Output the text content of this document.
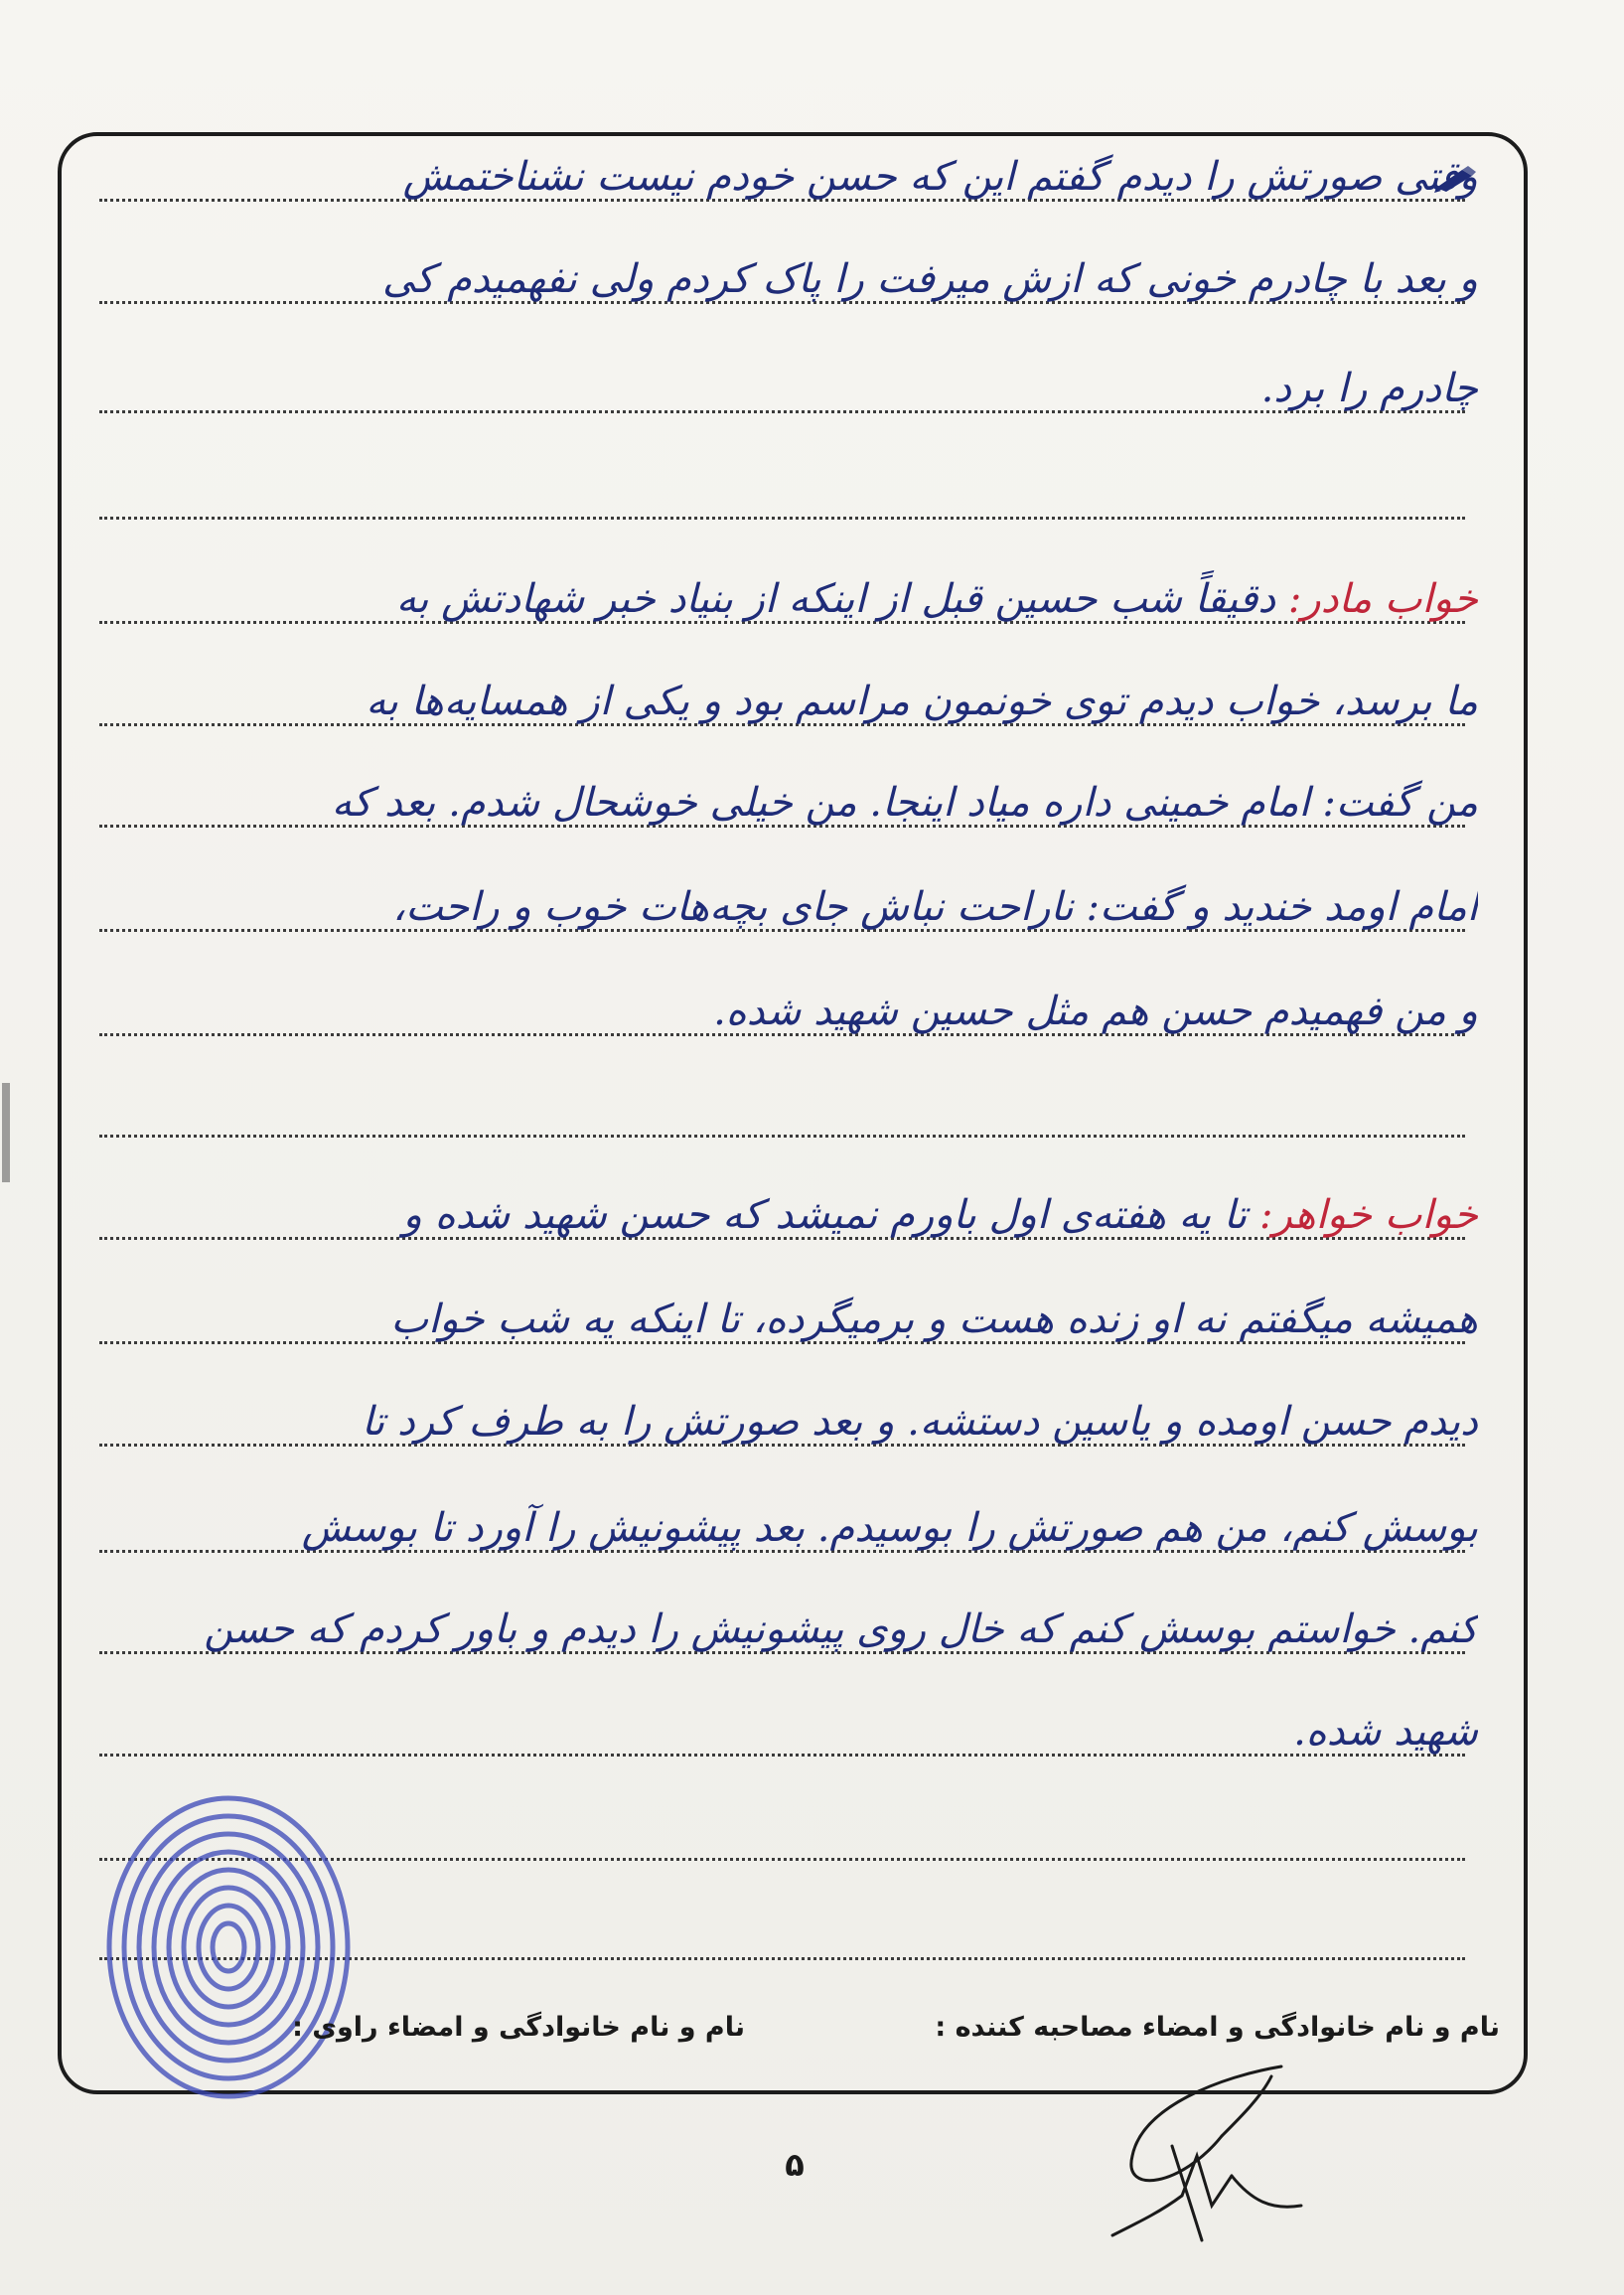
وقتی صورتش را دیدم گفتم این که حسن خودم نیست نشناختمش
و بعد با چادرم خونی که ازش میرفت را پاک کردم ولی نفهمیدم کی
چادرم را برد.
خواب مادر: دقیقاً شب حسین قبل از اینکه از بنیاد خبر شهادتش به
ما برسد، خواب دیدم توی خونمون مراسم بود و یکی از همسایه‌ها به
من گفت: امام خمینی داره میاد اینجا. من خیلی خوشحال شدم. بعد که
امام اومد خندید و گفت: ناراحت نباش جای بچه‌هات خوب و راحت،
و من فهمیدم حسن هم مثل حسین شهید شده.
خواب خواهر: تا یه هفته‌ی اول باورم نمیشد که حسن شهید شده و
همیشه میگفتم نه او زنده هست و برمیگرده، تا اینکه یه شب خواب
دیدم حسن اومده و یاسین دستشه. و بعد صورتش را به طرف کرد تا
بوسش کنم، من هم صورتش را بوسیدم. بعد پیشونیش را آورد تا بوسش
کنم. خواستم بوسش کنم که خال روی پیشونیش را دیدم و باور کردم که حسن
شهید شده.
نام و نام خانوادگی و امضاء مصاحبه کننده :
نام و نام خانوادگی و امضاء راوی :
۵
